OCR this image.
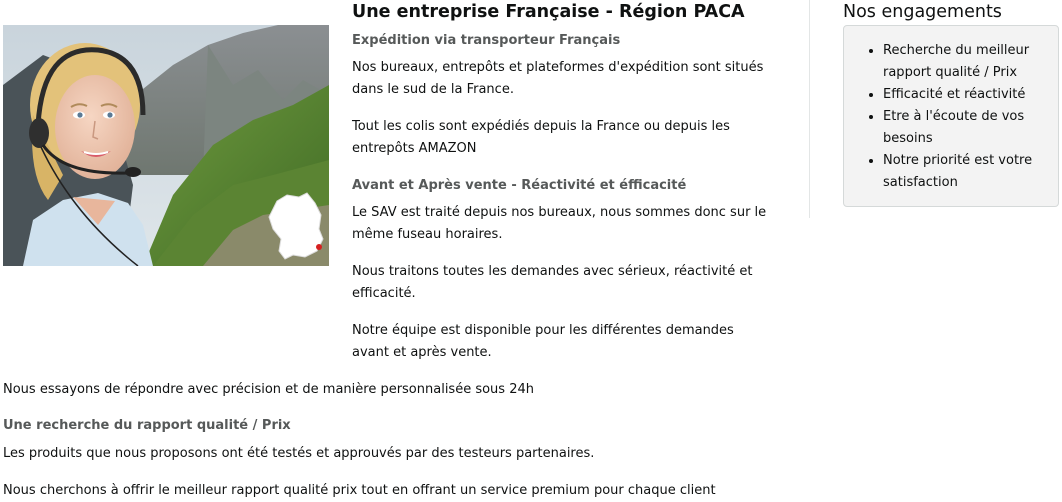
Une entreprise Française - Région PACA
Expédition via transporteur Français

Nos bureaux, entrepôts et plateformes d'expédition sont situés dans le sud de la France.

Tout les colis sont expédiés depuis la France ou depuis les entrepôts AMAZON

Avant et Après vente - Réactivité et éfficacité

Le SAV est traité depuis nos bureaux, nous sommes donc sur le même fuseau horaires.

Nous traitons toutes les demandes avec sérieux, réactivité et efficacité.

Notre équipe est disponible pour les différentes demandes avant et après vente.

Nous essayons de répondre avec précision et de manière personnalisée sous 24h

Une recherche du rapport qualité / Prix

Les produits que nous proposons ont été testés et approuvés par des testeurs partenaires.

Nous cherchons à offrir le meilleur rapport qualité prix tout en offrant un service premium pour chaque client

Nos engagements
• Recherche du meilleur rapport qualité / Prix
• Efficacité et réactivité
• Etre à l'écoute de vos besoins
• Notre priorité est votre satisfaction
